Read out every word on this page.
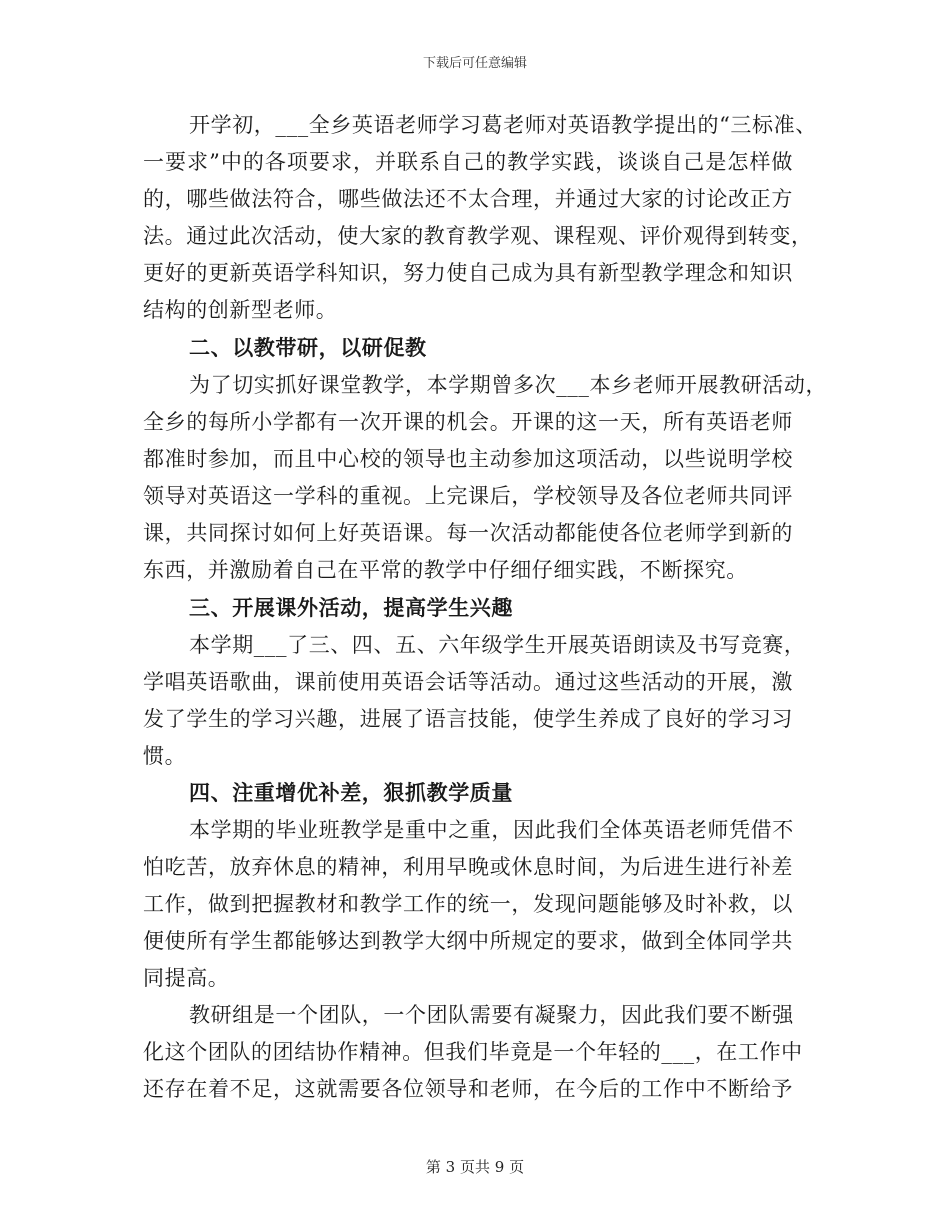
下载后可任意编辑
开学初，___全乡英语老师学习葛老师对英语教学提出的“三标准、
一要求”中的各项要求，并联系自己的教学实践，谈谈自己是怎样做
的，哪些做法符合，哪些做法还不太合理，并通过大家的讨论改正方
法。通过此次活动，使大家的教育教学观、课程观、评价观得到转变，
更好的更新英语学科知识，努力使自己成为具有新型教学理念和知识
结构的创新型老师。
二、以教带研，以研促教
为了切实抓好课堂教学，本学期曾多次___本乡老师开展教研活动，
全乡的每所小学都有一次开课的机会。开课的这一天，所有英语老师
都准时参加，而且中心校的领导也主动参加这项活动，以些说明学校
领导对英语这一学科的重视。上完课后，学校领导及各位老师共同评
课，共同探讨如何上好英语课。每一次活动都能使各位老师学到新的
东西，并激励着自己在平常的教学中仔细仔细实践，不断探究。
三、开展课外活动，提高学生兴趣
本学期___了三、四、五、六年级学生开展英语朗读及书写竞赛，
学唱英语歌曲，课前使用英语会话等活动。通过这些活动的开展，激
发了学生的学习兴趣，进展了语言技能，使学生养成了良好的学习习
惯。
四、注重增优补差，狠抓教学质量
本学期的毕业班教学是重中之重，因此我们全体英语老师凭借不
怕吃苦，放弃休息的精神，利用早晚或休息时间，为后进生进行补差
工作，做到把握教材和教学工作的统一，发现问题能够及时补救，以
便使所有学生都能够达到教学大纲中所规定的要求，做到全体同学共
同提高。
教研组是一个团队，一个团队需要有凝聚力，因此我们要不断强
化这个团队的团结协作精神。但我们毕竟是一个年轻的___，在工作中
还存在着不足，这就需要各位领导和老师，在今后的工作中不断给予
第 3 页共 9 页
